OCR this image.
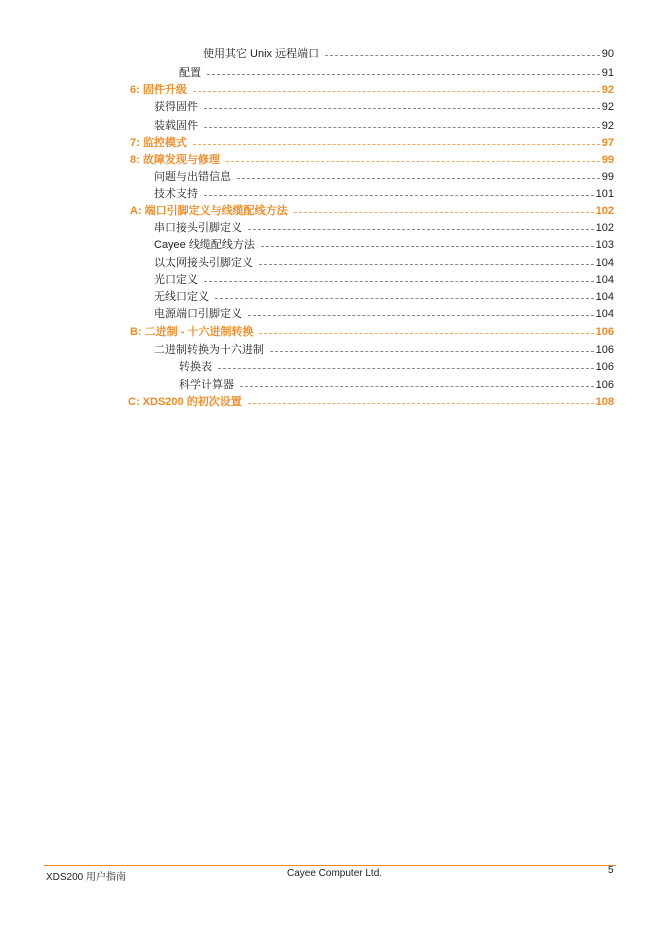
使用其它 Unix 远程端口	90
配置	91
6: 固件升级	92
获得固件	92
装载固件	92
7: 监控模式	97
8: 故障发现与修理	99
问题与出错信息	99
技术支持	101
A: 端口引脚定义与线缆配线方法	102
串口接头引脚定义	102
Cayee 线缆配线方法	103
以太网接头引脚定义	104
光口定义	104
无线口定义	104
电源端口引脚定义	104
B: 二进制 - 十六进制转换	106
二进制转换为十六进制	106
转换表	106
科学计算器	106
C: XDS200 的初次设置	108
XDS200 用户指南	Cayee Computer Ltd.	5
